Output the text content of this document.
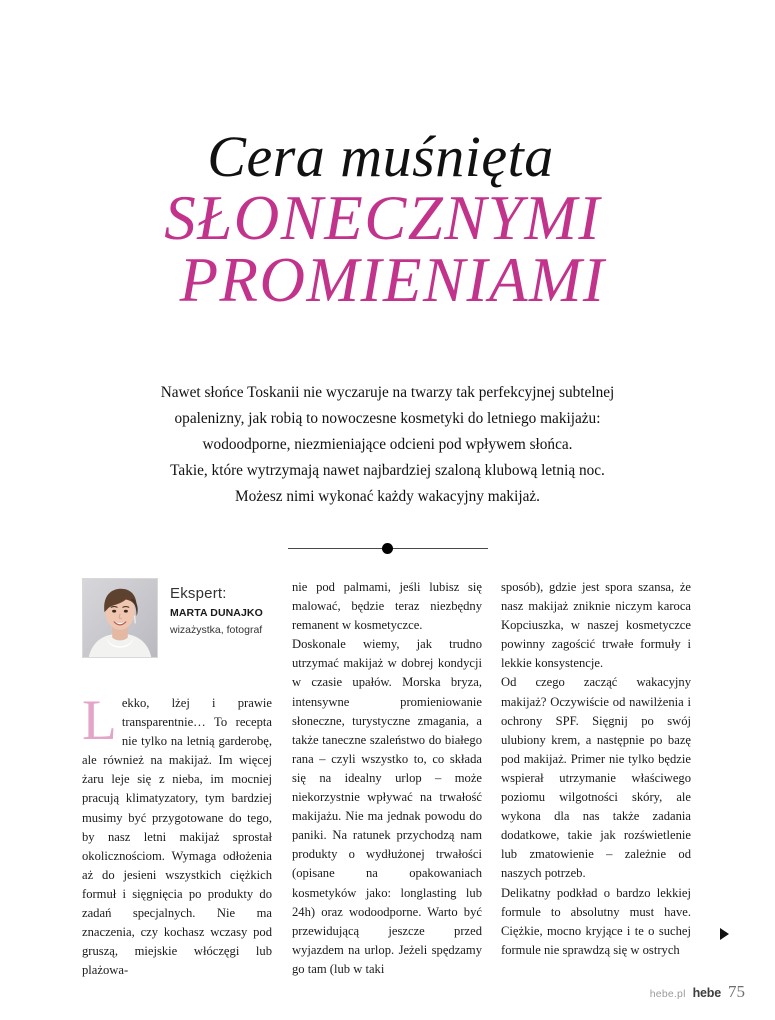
Cera muśnięta
SŁONECZNYMI
PROMIENIAMI
Nawet słońce Toskanii nie wyczaruje na twarzy tak perfekcyjnej subtelnej
opalenizny, jak robią to nowoczesne kosmetyki do letniego makijażu:
wodoodporne, niezmieniające odcieni pod wpływem słońca.
Takie, które wytrzymają nawet najbardziej szaloną klubową letnią noc.
Możesz nimi wykonać każdy wakacyjny makijaż.
Ekspert:
MARTA DUNAJKO
wizażystka, fotograf

Lekko, lżej i prawie transparentnie… To recepta nie tylko na letnią garderobę, ale również na makijaż. Im więcej żaru leje się z nieba, im mocniej pracują klimatyzatory, tym bardziej musimy być przygotowane do tego, by nasz letni makijaż sprostał okolicznościom. Wymaga odłożenia aż do jesieni wszystkich ciężkich formuł i sięgnięcia po produkty do zadań specjalnych. Nie ma znaczenia, czy kochasz wczasy pod gruszą, miejskie włóczęgi lub plażowa-

nie pod palmami, jeśli lubisz się malować, będzie teraz niezbędny remanent w kosmetyczce.

Doskonale wiemy, jak trudno utrzymać makijaż w dobrej kondycji w czasie upałów. Morska bryza, intensywne promieniowanie słoneczne, turystyczne zmagania, a także taneczne szaleństwo do białego rana – czyli wszystko to, co składa się na idealny urlop – może niekorzystnie wpływać na trwałość makijażu. Nie ma jednak powodu do paniki. Na ratunek przychodzą nam produkty o wydłużonej trwałości (opisane na opakowaniach kosmetyków jako: longlasting lub 24h) oraz wodoodporne. Warto być przewidującą jeszcze przed wyjazdem na urlop. Jeżeli spędzamy go tam (lub w taki

sposób), gdzie jest spora szansa, że nasz makijaż zniknie niczym karoca Kopciuszka, w naszej kosmetyczce powinny zagościć trwałe formuły i lekkie konsystencje.

Od czego zacząć wakacyjny makijaż? Oczywiście od nawilżenia i ochrony SPF. Sięgnij po swój ulubiony krem, a następnie po bazę pod makijaż. Primer nie tylko będzie wspierał utrzymanie właściwego poziomu wilgotności skóry, ale wykona dla nas także zadania dodatkowe, takie jak rozświetlenie lub zmatowienie – zależnie od naszych potrzeb.

Delikatny podkład o bardzo lekkiej formule to absolutny must have. Ciężkie, mocno kryjące i te o suchej formule nie sprawdzą się w ostrych

hebe.pl hebe 75
